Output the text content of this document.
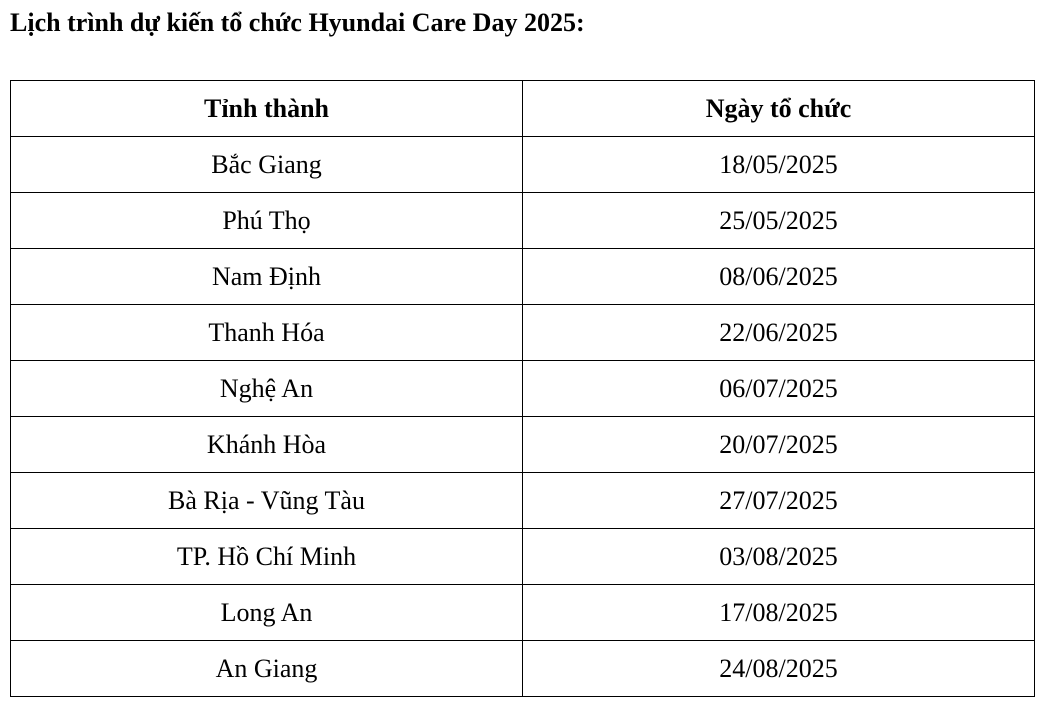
Lịch trình dự kiến tổ chức Hyundai Care Day 2025:
Tỉnh thành	Ngày tổ chức
Bắc Giang	18/05/2025
Phú Thọ	25/05/2025
Nam Định	08/06/2025
Thanh Hóa	22/06/2025
Nghệ An	06/07/2025
Khánh Hòa	20/07/2025
Bà Rịa - Vũng Tàu	27/07/2025
TP. Hồ Chí Minh	03/08/2025
Long An	17/08/2025
An Giang	24/08/2025
